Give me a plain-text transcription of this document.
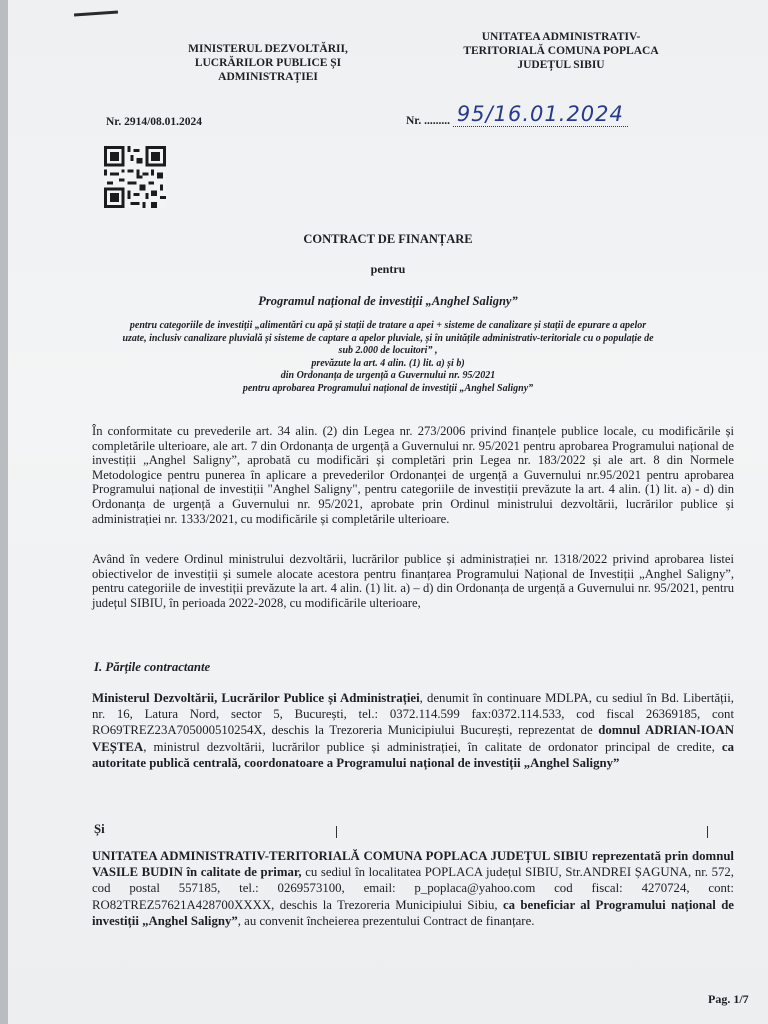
MINISTERUL DEZVOLTĂRII,
LUCRĂRILOR PUBLICE ȘI
ADMINISTRAȚIEI
UNITATEA ADMINISTRATIV-
TERITORIALĂ COMUNA POPLACA
JUDEȚUL SIBIU
Nr. 2914/08.01.2024	Nr. ......... 95/16.01.2024
CONTRACT DE FINANȚARE
pentru
Programul național de investiții „Anghel Saligny”
pentru categoriile de investiții „alimentări cu apă și stații de tratare a apei + sisteme de canalizare și stații de epurare a apelor
uzate, inclusiv canalizare pluvială și sisteme de captare a apelor pluviale, și în unitățile administrativ-teritoriale cu o populație de
sub 2.000 de locuitori” ,
prevăzute la art. 4 alin. (1) lit. a) și b)
din Ordonanța de urgență a Guvernului nr. 95/2021
pentru aprobarea Programului național de investiții „Anghel Saligny”
În conformitate cu prevederile art. 34 alin. (2) din Legea nr. 273/2006 privind finanțele publice locale, cu modificările și completările ulterioare, ale art. 7 din Ordonanța de urgență a Guvernului nr. 95/2021 pentru aprobarea Programului național de investiții „Anghel Saligny”, aprobată cu modificări și completări prin Legea nr. 183/2022 și ale art. 8 din Normele Metodologice pentru punerea în aplicare a prevederilor Ordonanței de urgență a Guvernului nr.95/2021 pentru aprobarea Programului național de investiții "Anghel Saligny", pentru categoriile de investiții prevăzute la art. 4 alin. (1) lit. a) - d) din Ordonanța de urgență a Guvernului nr. 95/2021, aprobate prin Ordinul ministrului dezvoltării, lucrărilor publice și administrației nr. 1333/2021, cu modificările și completările ulterioare.
Având în vedere Ordinul ministrului dezvoltării, lucrărilor publice și administrației nr. 1318/2022 privind aprobarea listei obiectivelor de investiții și sumele alocate acestora pentru finanțarea Programului Național de Investiții „Anghel Saligny”, pentru categoriile de investiții prevăzute la art. 4 alin. (1) lit. a) – d) din Ordonanța de urgență a Guvernului nr. 95/2021, pentru județul SIBIU, în perioada 2022-2028, cu modificările ulterioare,
I. Părțile contractante
Ministerul Dezvoltării, Lucrărilor Publice și Administrației, denumit în continuare MDLPA, cu sediul în Bd. Libertății, nr. 16, Latura Nord, sector 5, București, tel.: 0372.114.599 fax:0372.114.533, cod fiscal 26369185, cont RO69TREZ23A705000510254X, deschis la Trezoreria Municipiului București, reprezentat de domnul ADRIAN-IOAN VEȘTEA, ministrul dezvoltării, lucrărilor publice și administrației, în calitate de ordonator principal de credite, ca autoritate publică centrală, coordonatoare a Programului național de investiții „Anghel Saligny”
Și
UNITATEA ADMINISTRATIV-TERITORIALĂ COMUNA POPLACA JUDEȚUL SIBIU reprezentată prin domnul VASILE BUDIN în calitate de primar, cu sediul în localitatea POPLACA județul SIBIU, Str.ANDREI ȘAGUNA, nr. 572, cod postal 557185, tel.: 0269573100, email: p_poplaca@yahoo.com cod fiscal: 4270724, cont: RO82TREZ57621A428700XXXX, deschis la Trezoreria Municipiului Sibiu, ca beneficiar al Programului național de investiții „Anghel Saligny”, au convenit încheierea prezentului Contract de finanțare.
Pag. 1/7
